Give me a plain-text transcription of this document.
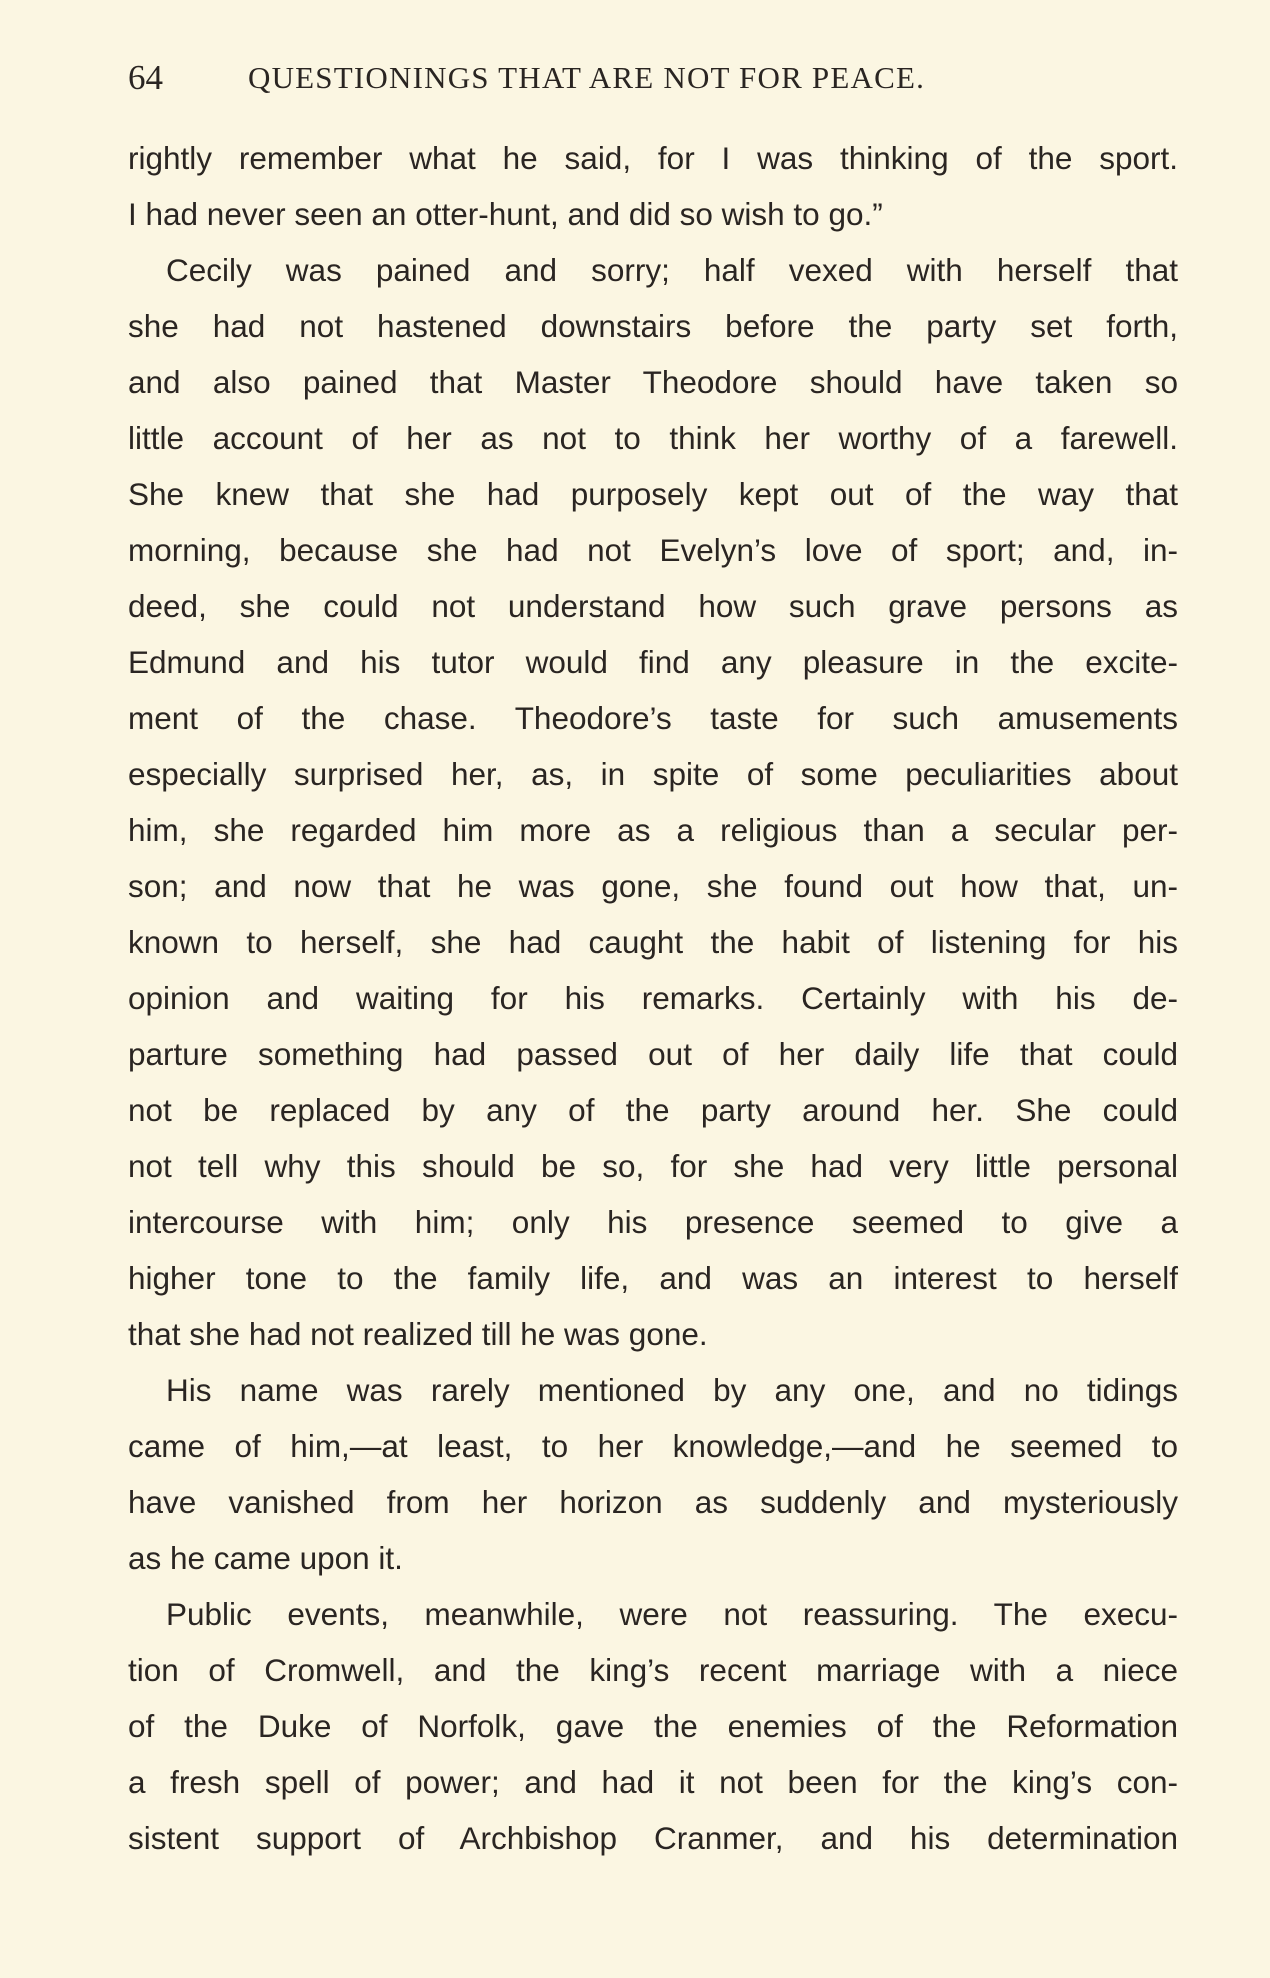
64	QUESTIONINGS THAT ARE NOT FOR PEACE.
rightly remember what he said, for I was thinking of the sport.
I had never seen an otter-hunt, and did so wish to go.”
Cecily was pained and sorry; half vexed with herself that
she had not hastened downstairs before the party set forth,
and also pained that Master Theodore should have taken so
little account of her as not to think her worthy of a farewell.
She knew that she had purposely kept out of the way that
morning, because she had not Evelyn’s love of sport; and, in-
deed, she could not understand how such grave persons as
Edmund and his tutor would find any pleasure in the excite-
ment of the chase. Theodore’s taste for such amusements
especially surprised her, as, in spite of some peculiarities about
him, she regarded him more as a religious than a secular per-
son; and now that he was gone, she found out how that, un-
known to herself, she had caught the habit of listening for his
opinion and waiting for his remarks. Certainly with his de-
parture something had passed out of her daily life that could
not be replaced by any of the party around her. She could
not tell why this should be so, for she had very little personal
intercourse with him; only his presence seemed to give a
higher tone to the family life, and was an interest to herself
that she had not realized till he was gone.
His name was rarely mentioned by any one, and no tidings
came of him,—at least, to her knowledge,—and he seemed to
have vanished from her horizon as suddenly and mysteriously
as he came upon it.
Public events, meanwhile, were not reassuring. The execu-
tion of Cromwell, and the king’s recent marriage with a niece
of the Duke of Norfolk, gave the enemies of the Reformation
a fresh spell of power; and had it not been for the king’s con-
sistent support of Archbishop Cranmer, and his determination
